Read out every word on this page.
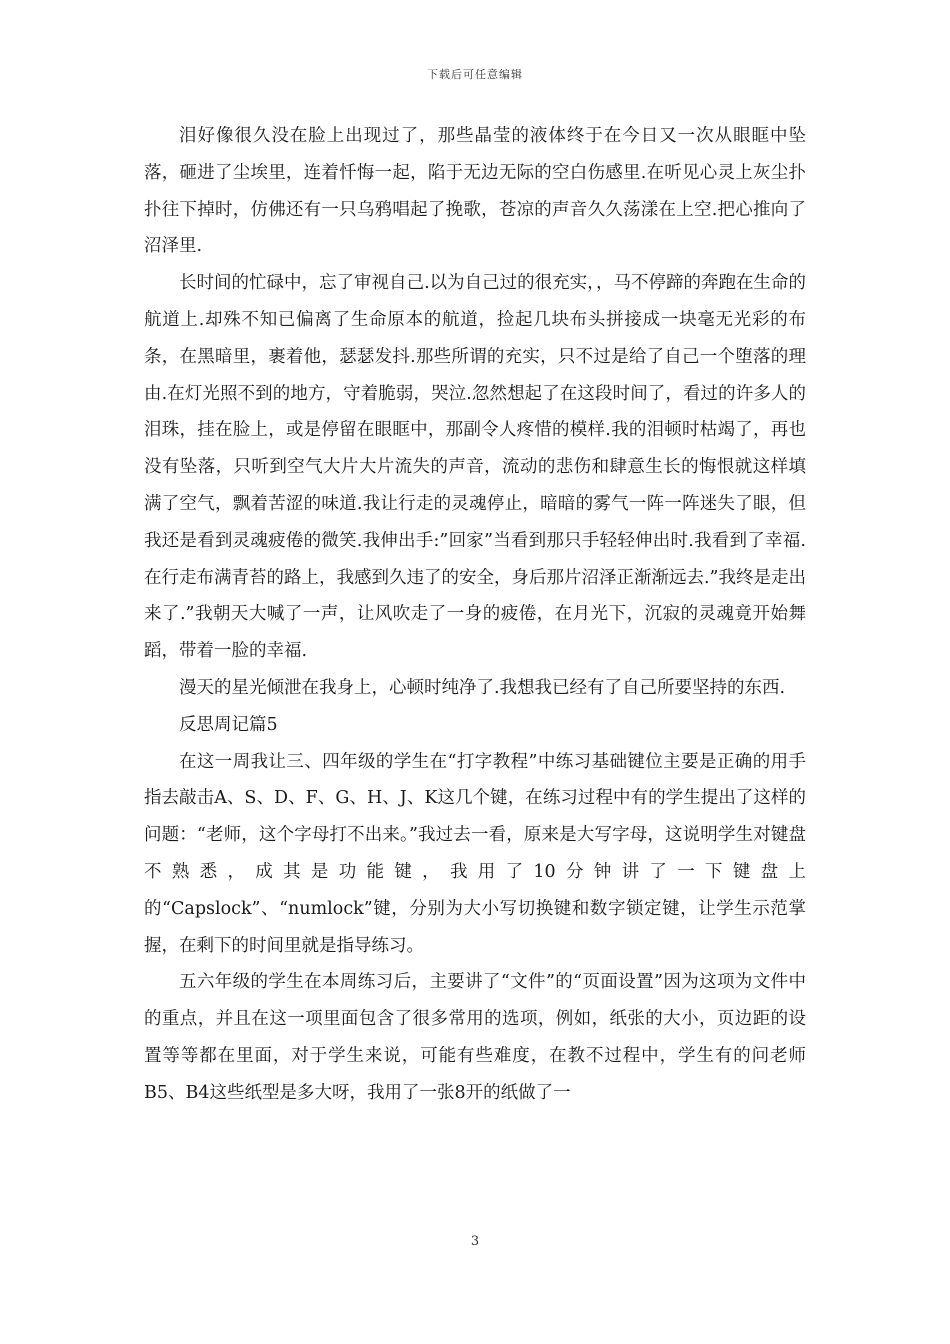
下载后可任意编辑

泪好像很久没在脸上出现过了，那些晶莹的液体终于在今日又一次从眼眶中坠落，砸进了尘埃里，连着忏悔一起，陷于无边无际的空白伤感里.在听见心灵上灰尘扑扑往下掉时，仿佛还有一只乌鸦唱起了挽歌，苍凉的声音久久荡漾在上空.把心推向了沼泽里.

长时间的忙碌中，忘了审视自己.以为自己过的很充实，，马不停蹄的奔跑在生命的航道上.却殊不知已偏离了生命原本的航道，捡起几块布头拼接成一块毫无光彩的布条，在黑暗里，裹着他，瑟瑟发抖.那些所谓的充实，只不过是给了自己一个堕落的理由.在灯光照不到的地方，守着脆弱，哭泣.忽然想起了在这段时间了，看过的许多人的泪珠，挂在脸上，或是停留在眼眶中，那副令人疼惜的模样.我的泪顿时枯竭了，再也没有坠落，只听到空气大片大片流失的声音，流动的悲伤和肆意生长的悔恨就这样填满了空气，飘着苦涩的味道.我让行走的灵魂停止，暗暗的雾气一阵一阵迷失了眼，但我还是看到灵魂疲倦的微笑.我伸出手:”回家”当看到那只手轻轻伸出时.我看到了幸福.在行走布满青苔的路上，我感到久违了的安全，身后那片沼泽正渐渐远去.”我终是走出来了.”我朝天大喊了一声，让风吹走了一身的疲倦，在月光下，沉寂的灵魂竟开始舞蹈，带着一脸的幸福.

漫天的星光倾泄在我身上，心顿时纯净了.我想我已经有了自己所要坚持的东西.

反思周记篇5

在这一周我让三、四年级的学生在“打字教程”中练习基础键位主要是正确的用手指去敲击A、S、D、F、G、H、J、K这几个键，在练习过程中有的学生提出了这样的问题：“老师，这个字母打不出来。”我过去一看，原来是大写字母，这说明学生对键盘不熟悉，成其是功能键，我用了10分钟讲了一下键盘上的“Capslock”、“numlock”键，分别为大小写切换键和数字锁定键，让学生示范掌握，在剩下的时间里就是指导练习。

五六年级的学生在本周练习后，主要讲了“文件”的“页面设置”因为这项为文件中的重点，并且在这一项里面包含了很多常用的选项，例如，纸张的大小，页边距的设置等等都在里面，对于学生来说，可能有些难度，在教不过程中，学生有的问老师B5、B4这些纸型是多大呀，我用了一张8开的纸做了一

3
